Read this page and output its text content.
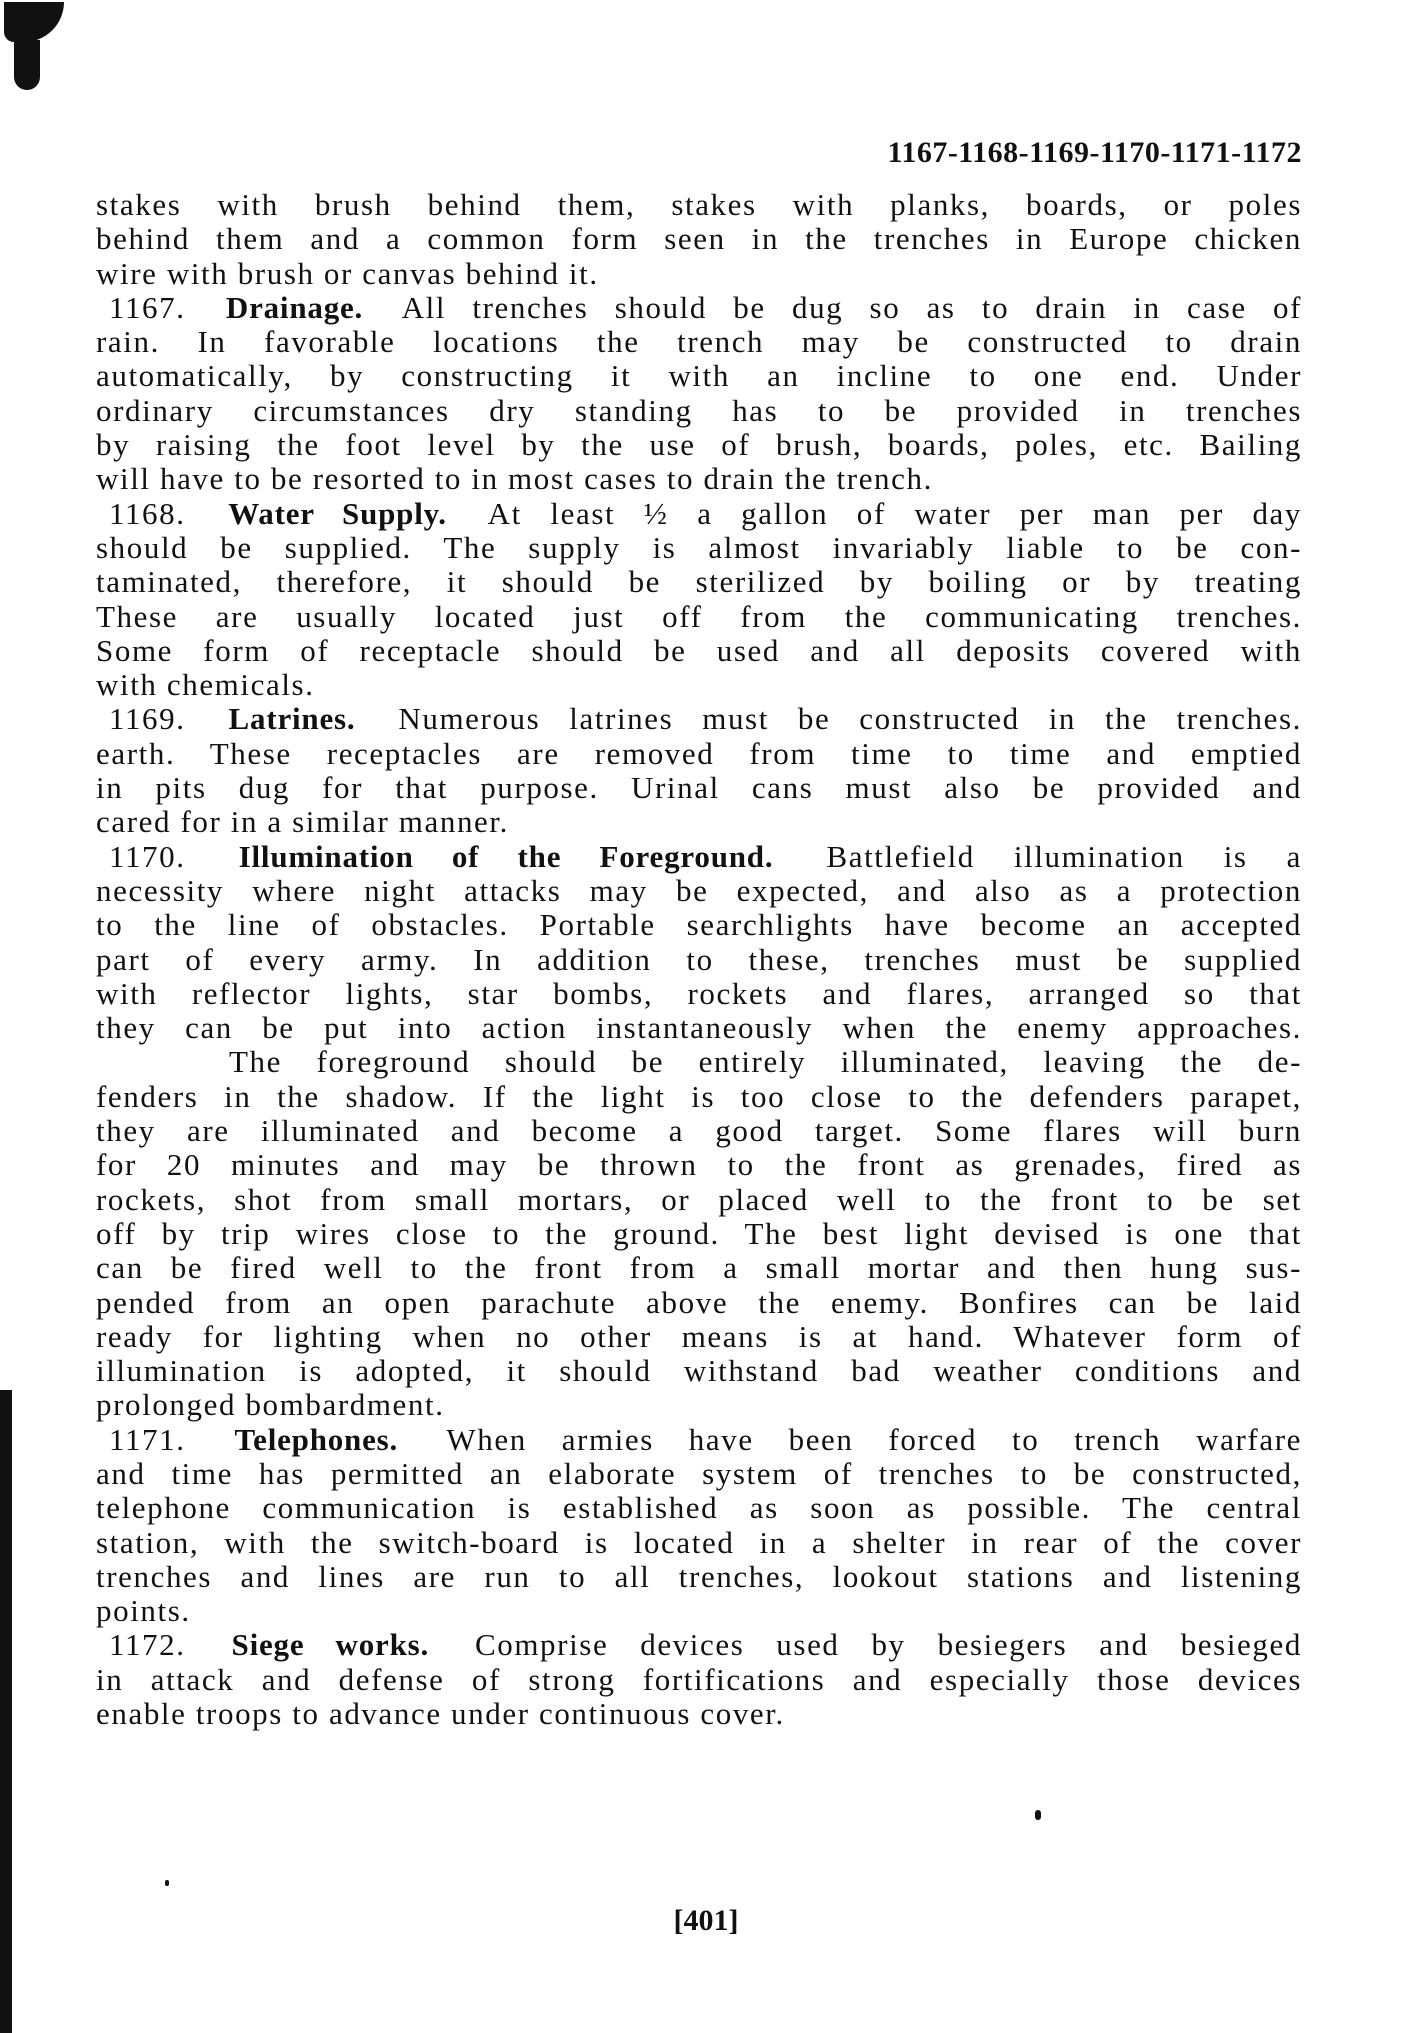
1167-1168-1169-1170-1171-1172
stakes with brush behind them, stakes with planks, boards, or poles
behind them and a common form seen in the trenches in Europe chicken
wire with brush or canvas behind it.
1167. Drainage. All trenches should be dug so as to drain in case of
rain. In favorable locations the trench may be constructed to drain
automatically, by constructing it with an incline to one end. Under
ordinary circumstances dry standing has to be provided in trenches
by raising the foot level by the use of brush, boards, poles, etc. Bailing
will have to be resorted to in most cases to drain the trench.
1168. Water Supply. At least ½ a gallon of water per man per day
should be supplied. The supply is almost invariably liable to be con-
taminated, therefore, it should be sterilized by boiling or by treating
These are usually located just off from the communicating trenches.
Some form of receptacle should be used and all deposits covered with
with chemicals.
1169. Latrines. Numerous latrines must be constructed in the trenches.
earth. These receptacles are removed from time to time and emptied
in pits dug for that purpose. Urinal cans must also be provided and
cared for in a similar manner.
1170. Illumination of the Foreground. Battlefield illumination is a
necessity where night attacks may be expected, and also as a protection
to the line of obstacles. Portable searchlights have become an accepted
part of every army. In addition to these, trenches must be supplied
with reflector lights, star bombs, rockets and flares, arranged so that
they can be put into action instantaneously when the enemy approaches.
The foreground should be entirely illuminated, leaving the de-
fenders in the shadow. If the light is too close to the defenders parapet,
they are illuminated and become a good target. Some flares will burn
for 20 minutes and may be thrown to the front as grenades, fired as
rockets, shot from small mortars, or placed well to the front to be set
off by trip wires close to the ground. The best light devised is one that
can be fired well to the front from a small mortar and then hung sus-
pended from an open parachute above the enemy. Bonfires can be laid
ready for lighting when no other means is at hand. Whatever form of
illumination is adopted, it should withstand bad weather conditions and
prolonged bombardment.
1171. Telephones. When armies have been forced to trench warfare
and time has permitted an elaborate system of trenches to be constructed,
telephone communication is established as soon as possible. The central
station, with the switch-board is located in a shelter in rear of the cover
trenches and lines are run to all trenches, lookout stations and listening
points.
1172. Siege works. Comprise devices used by besiegers and besieged
in attack and defense of strong fortifications and especially those devices
enable troops to advance under continuous cover.
[401]
